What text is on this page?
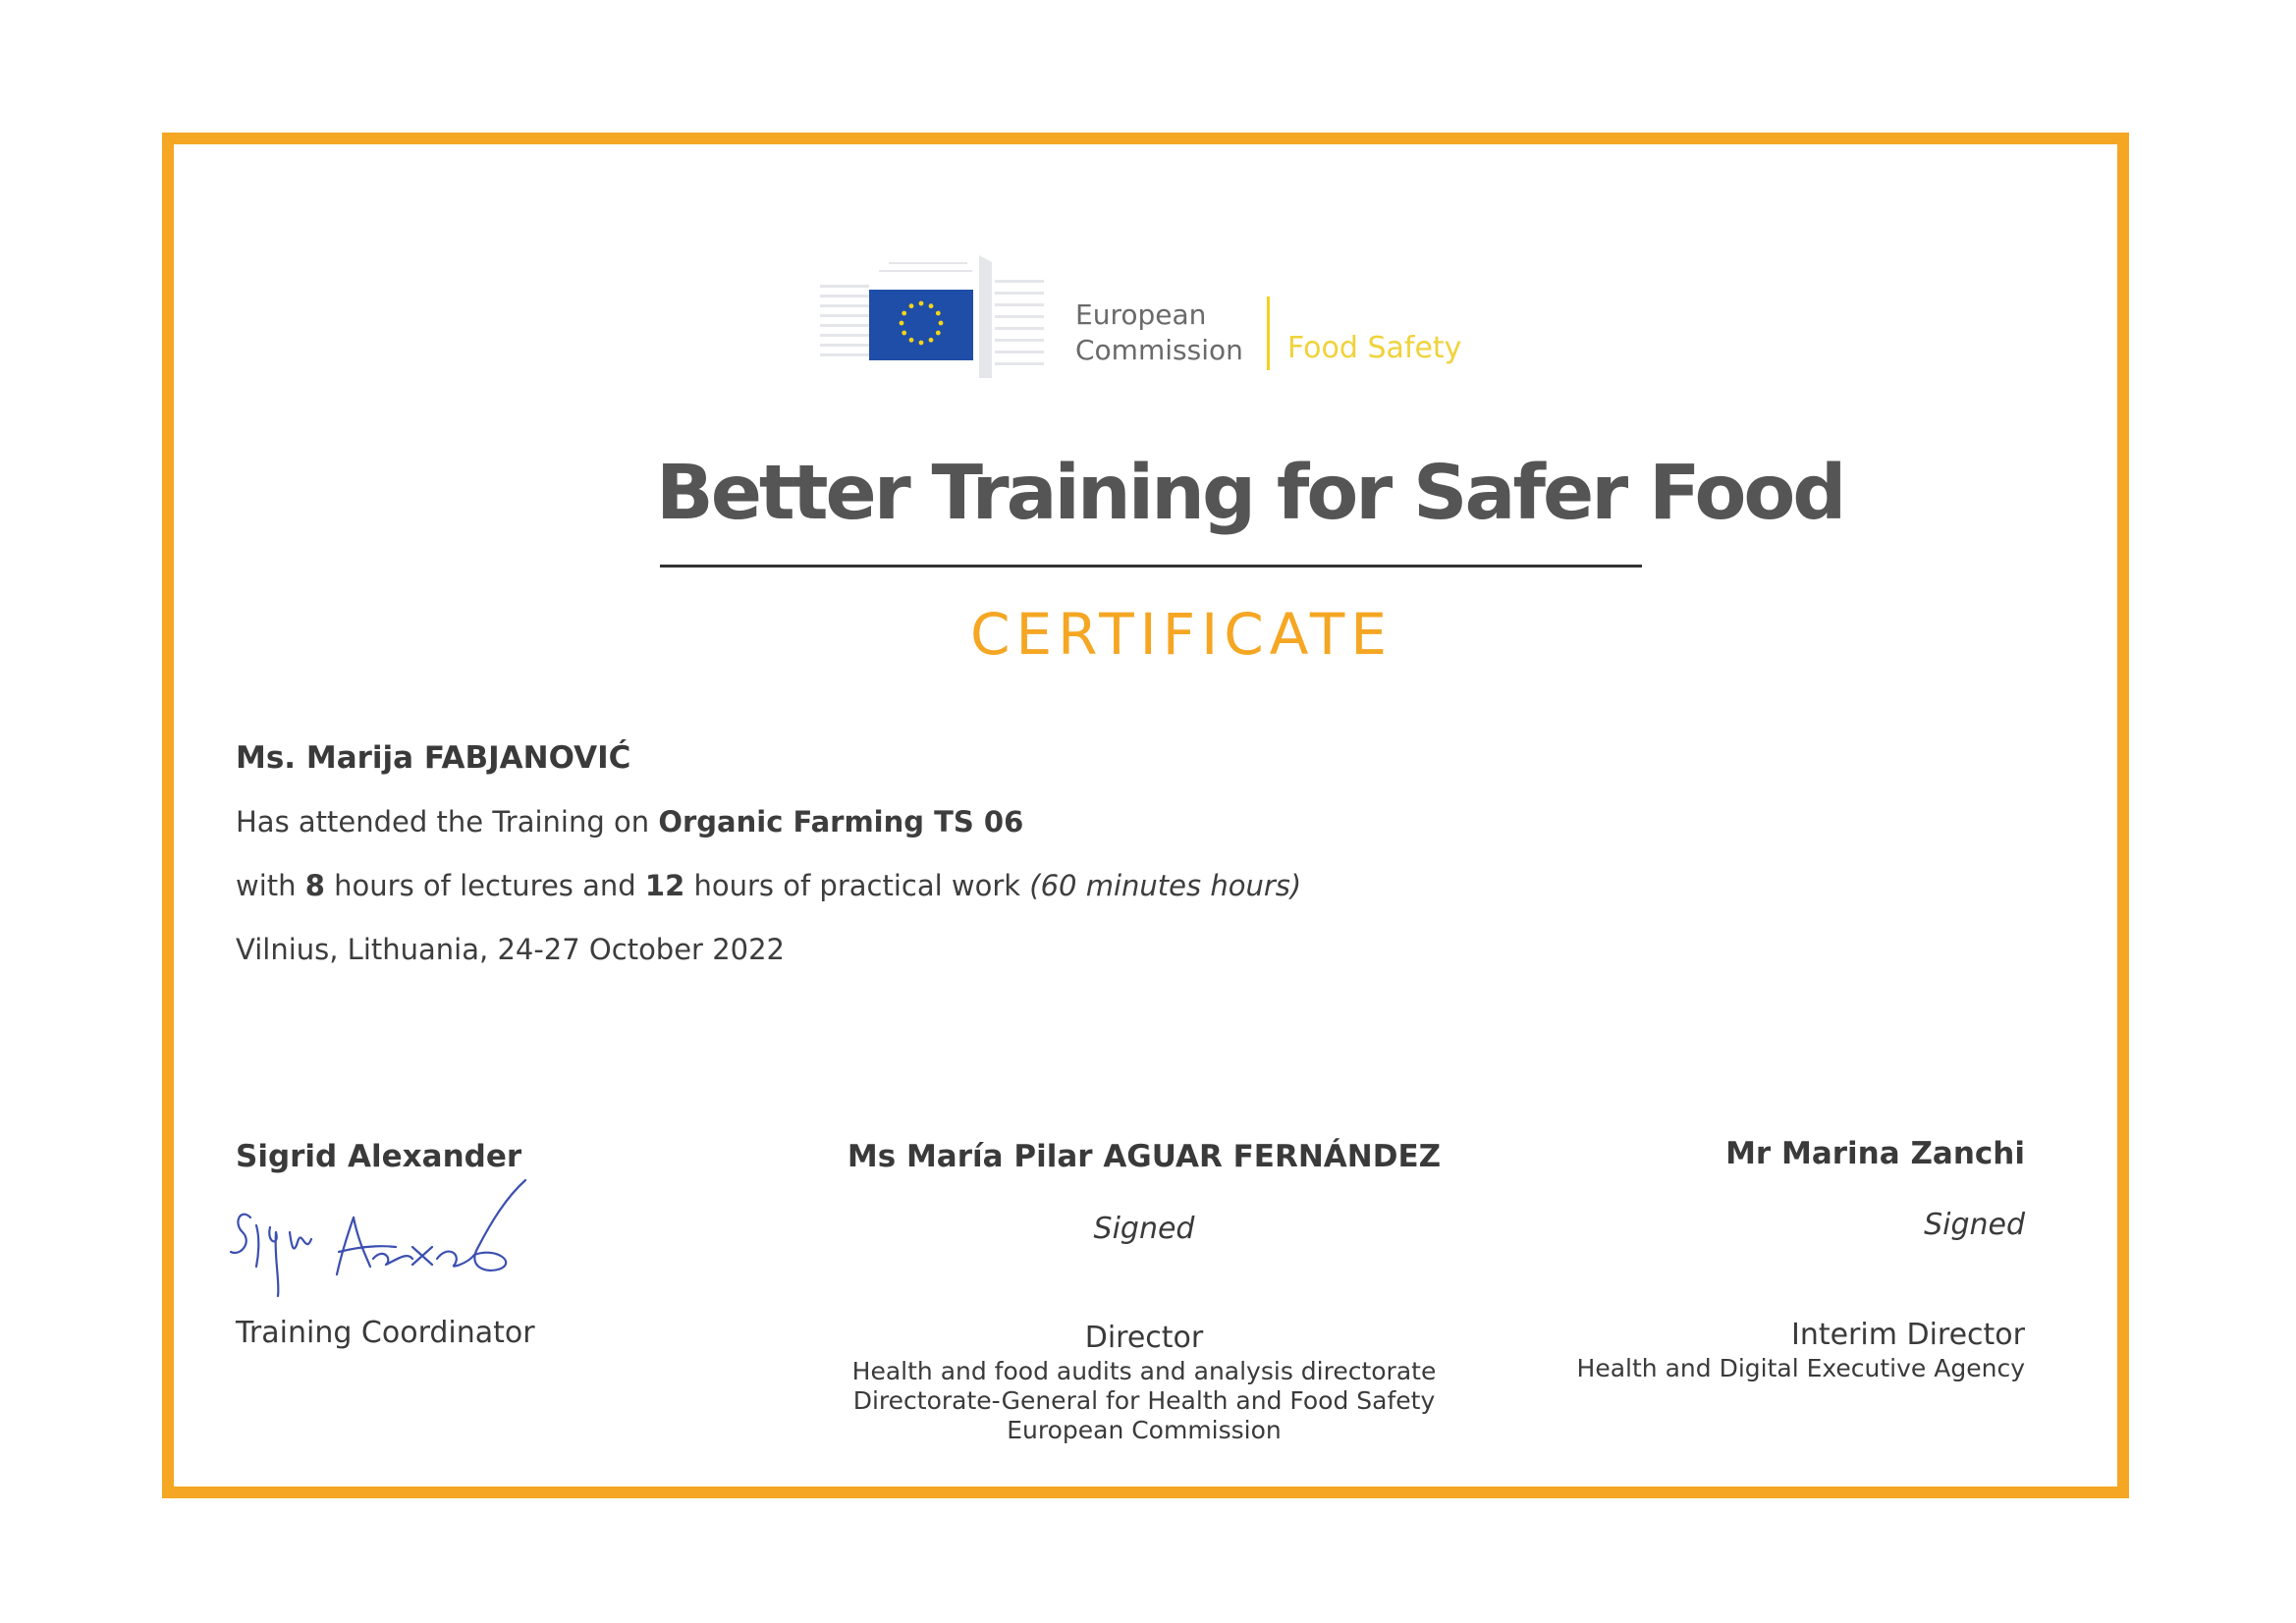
European
Commission Food Safety
Better Training for Safer Food
CERTIFICATE
Ms. Marija FABJANOVIĆ
Has attended the Training on Organic Farming TS 06
with 8 hours of lectures and 12 hours of practical work (60 minutes hours)
Vilnius, Lithuania, 24-27 October 2022
Sigrid Alexander
Training Coordinator
Ms María Pilar AGUAR FERNÁNDEZ
Signed
Director
Health and food audits and analysis directorate
Directorate-General for Health and Food Safety
European Commission
Mr Marina Zanchi
Signed
Interim Director
Health and Digital Executive Agency
